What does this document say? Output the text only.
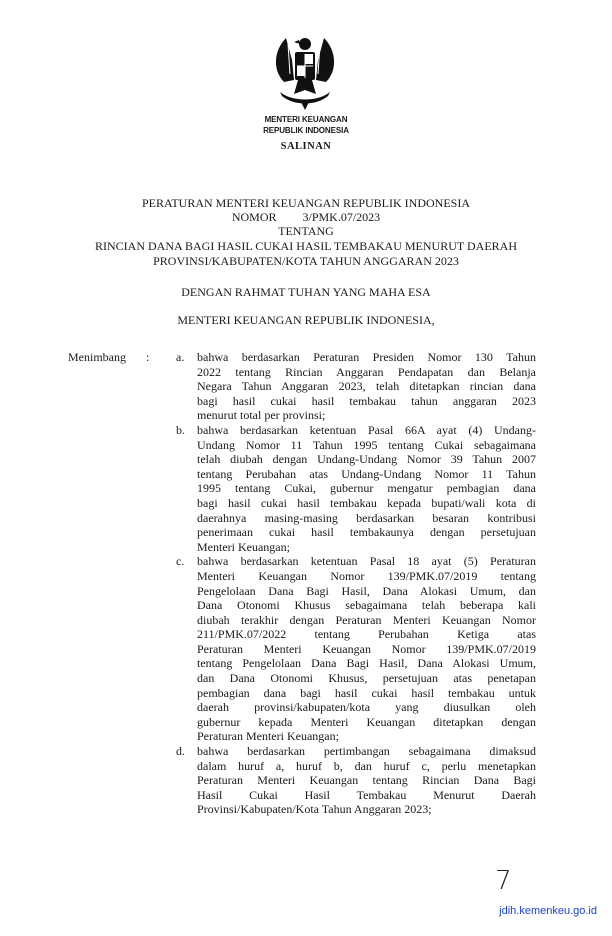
MENTERI KEUANGAN
REPUBLIK INDONESIA
SALINAN
PERATURAN MENTERI KEUANGAN REPUBLIK INDONESIA
NOMOR 3/PMK.07/2023
TENTANG
RINCIAN DANA BAGI HASIL CUKAI HASIL TEMBAKAU MENURUT DAERAH
PROVINSI/KABUPATEN/KOTA TAHUN ANGGARAN 2023
DENGAN RAHMAT TUHAN YANG MAHA ESA
MENTERI KEUANGAN REPUBLIK INDONESIA,
Menimbang : a. bahwa berdasarkan Peraturan Presiden Nomor 130 Tahun
2022 tentang Rincian Anggaran Pendapatan dan Belanja
Negara Tahun Anggaran 2023, telah ditetapkan rincian dana
bagi hasil cukai hasil tembakau tahun anggaran 2023
menurut total per provinsi;
b. bahwa berdasarkan ketentuan Pasal 66A ayat (4) Undang-
Undang Nomor 11 Tahun 1995 tentang Cukai sebagaimana
telah diubah dengan Undang-Undang Nomor 39 Tahun 2007
tentang Perubahan atas Undang-Undang Nomor 11 Tahun
1995 tentang Cukai, gubernur mengatur pembagian dana
bagi hasil cukai hasil tembakau kepada bupati/wali kota di
daerahnya masing-masing berdasarkan besaran kontribusi
penerimaan cukai hasil tembakaunya dengan persetujuan
Menteri Keuangan;
c. bahwa berdasarkan ketentuan Pasal 18 ayat (5) Peraturan
Menteri Keuangan Nomor 139/PMK.07/2019 tentang
Pengelolaan Dana Bagi Hasil, Dana Alokasi Umum, dan
Dana Otonomi Khusus sebagaimana telah beberapa kali
diubah terakhir dengan Peraturan Menteri Keuangan Nomor
211/PMK.07/2022 tentang Perubahan Ketiga atas
Peraturan Menteri Keuangan Nomor 139/PMK.07/2019
tentang Pengelolaan Dana Bagi Hasil, Dana Alokasi Umum,
dan Dana Otonomi Khusus, persetujuan atas penetapan
pembagian dana bagi hasil cukai hasil tembakau untuk
daerah provinsi/kabupaten/kota yang diusulkan oleh
gubernur kepada Menteri Keuangan ditetapkan dengan
Peraturan Menteri Keuangan;
d. bahwa berdasarkan pertimbangan sebagaimana dimaksud
dalam huruf a, huruf b, dan huruf c, perlu menetapkan
Peraturan Menteri Keuangan tentang Rincian Dana Bagi
Hasil Cukai Hasil Tembakau Menurut Daerah
Provinsi/Kabupaten/Kota Tahun Anggaran 2023;
7
jdih.kemenkeu.go.id
